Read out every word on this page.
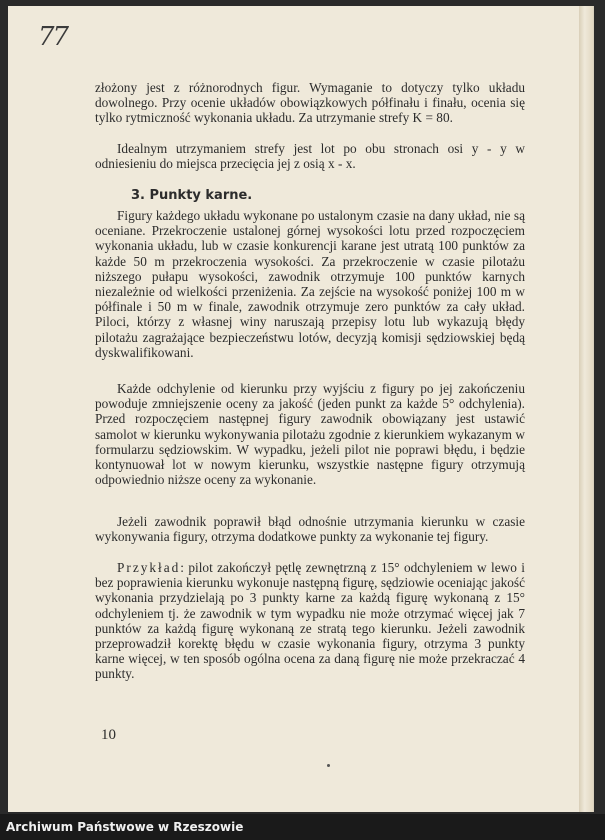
77

złożony jest z różnorodnych figur. Wymaganie to dotyczy tylko układu dowolnego. Przy ocenie układów obowiązkowych półfinału i finału, ocenia się tylko rytmiczność wykonania układu. Za utrzymanie strefy K = 80.

Idealnym utrzymaniem strefy jest lot po obu stronach osi y - y w odniesieniu do miejsca przecięcia jej z osią x - x.

3. Punkty karne.

Figury każdego układu wykonane po ustalonym czasie na dany układ, nie są oceniane. Przekroczenie ustalonej górnej wysokości lotu przed rozpoczęciem wykonania układu, lub w czasie konkurencji karane jest utratą 100 punktów za każde 50 m przekroczenia wysokości. Za przekroczenie w czasie pilotażu niższego pułapu wysokości, zawodnik otrzymuje 100 punktów karnych niezależnie od wielkości przeniżenia. Za zejście na wysokość poniżej 100 m w półfinale i 50 m w finale, zawodnik otrzymuje zero punktów za cały układ. Piloci, którzy z własnej winy naruszają przepisy lotu lub wykazują błędy pilotażu zagrażające bezpieczeństwu lotów, decyzją komisji sędziowskiej będą dyskwalifikowani.

Każde odchylenie od kierunku przy wyjściu z figury po jej zakończeniu powoduje zmniejszenie oceny za jakość (jeden punkt za każde 5° odchylenia). Przed rozpoczęciem następnej figury zawodnik obowiązany jest ustawić samolot w kierunku wykonywania pilotażu zgodnie z kierunkiem wykazanym w formularzu sędziowskim. W wypadku, jeżeli pilot nie poprawi błędu, i będzie kontynuował lot w nowym kierunku, wszystkie następne figury otrzymują odpowiednio niższe oceny za wykonanie.

Jeżeli zawodnik poprawił błąd odnośnie utrzymania kierunku w czasie wykonywania figury, otrzyma dodatkowe punkty za wykonanie tej figury.

Przykład: pilot zakończył pętlę zewnętrzną z 15° odchyleniem w lewo i bez poprawienia kierunku wykonuje następną figurę, sędziowie oceniając jakość wykonania przydzielają po 3 punkty karne za każdą figurę wykonaną z 15° odchyleniem tj. że zawodnik w tym wypadku nie może otrzymać więcej jak 7 punktów za każdą figurę wykonaną ze stratą tego kierunku. Jeżeli zawodnik przeprowadził korektę błędu w czasie wykonania figury, otrzyma 3 punkty karne więcej, w ten sposób ogólna ocena za daną figurę nie może przekraczać 4 punkty.

10
Archiwum Państwowe w Rzeszowie
